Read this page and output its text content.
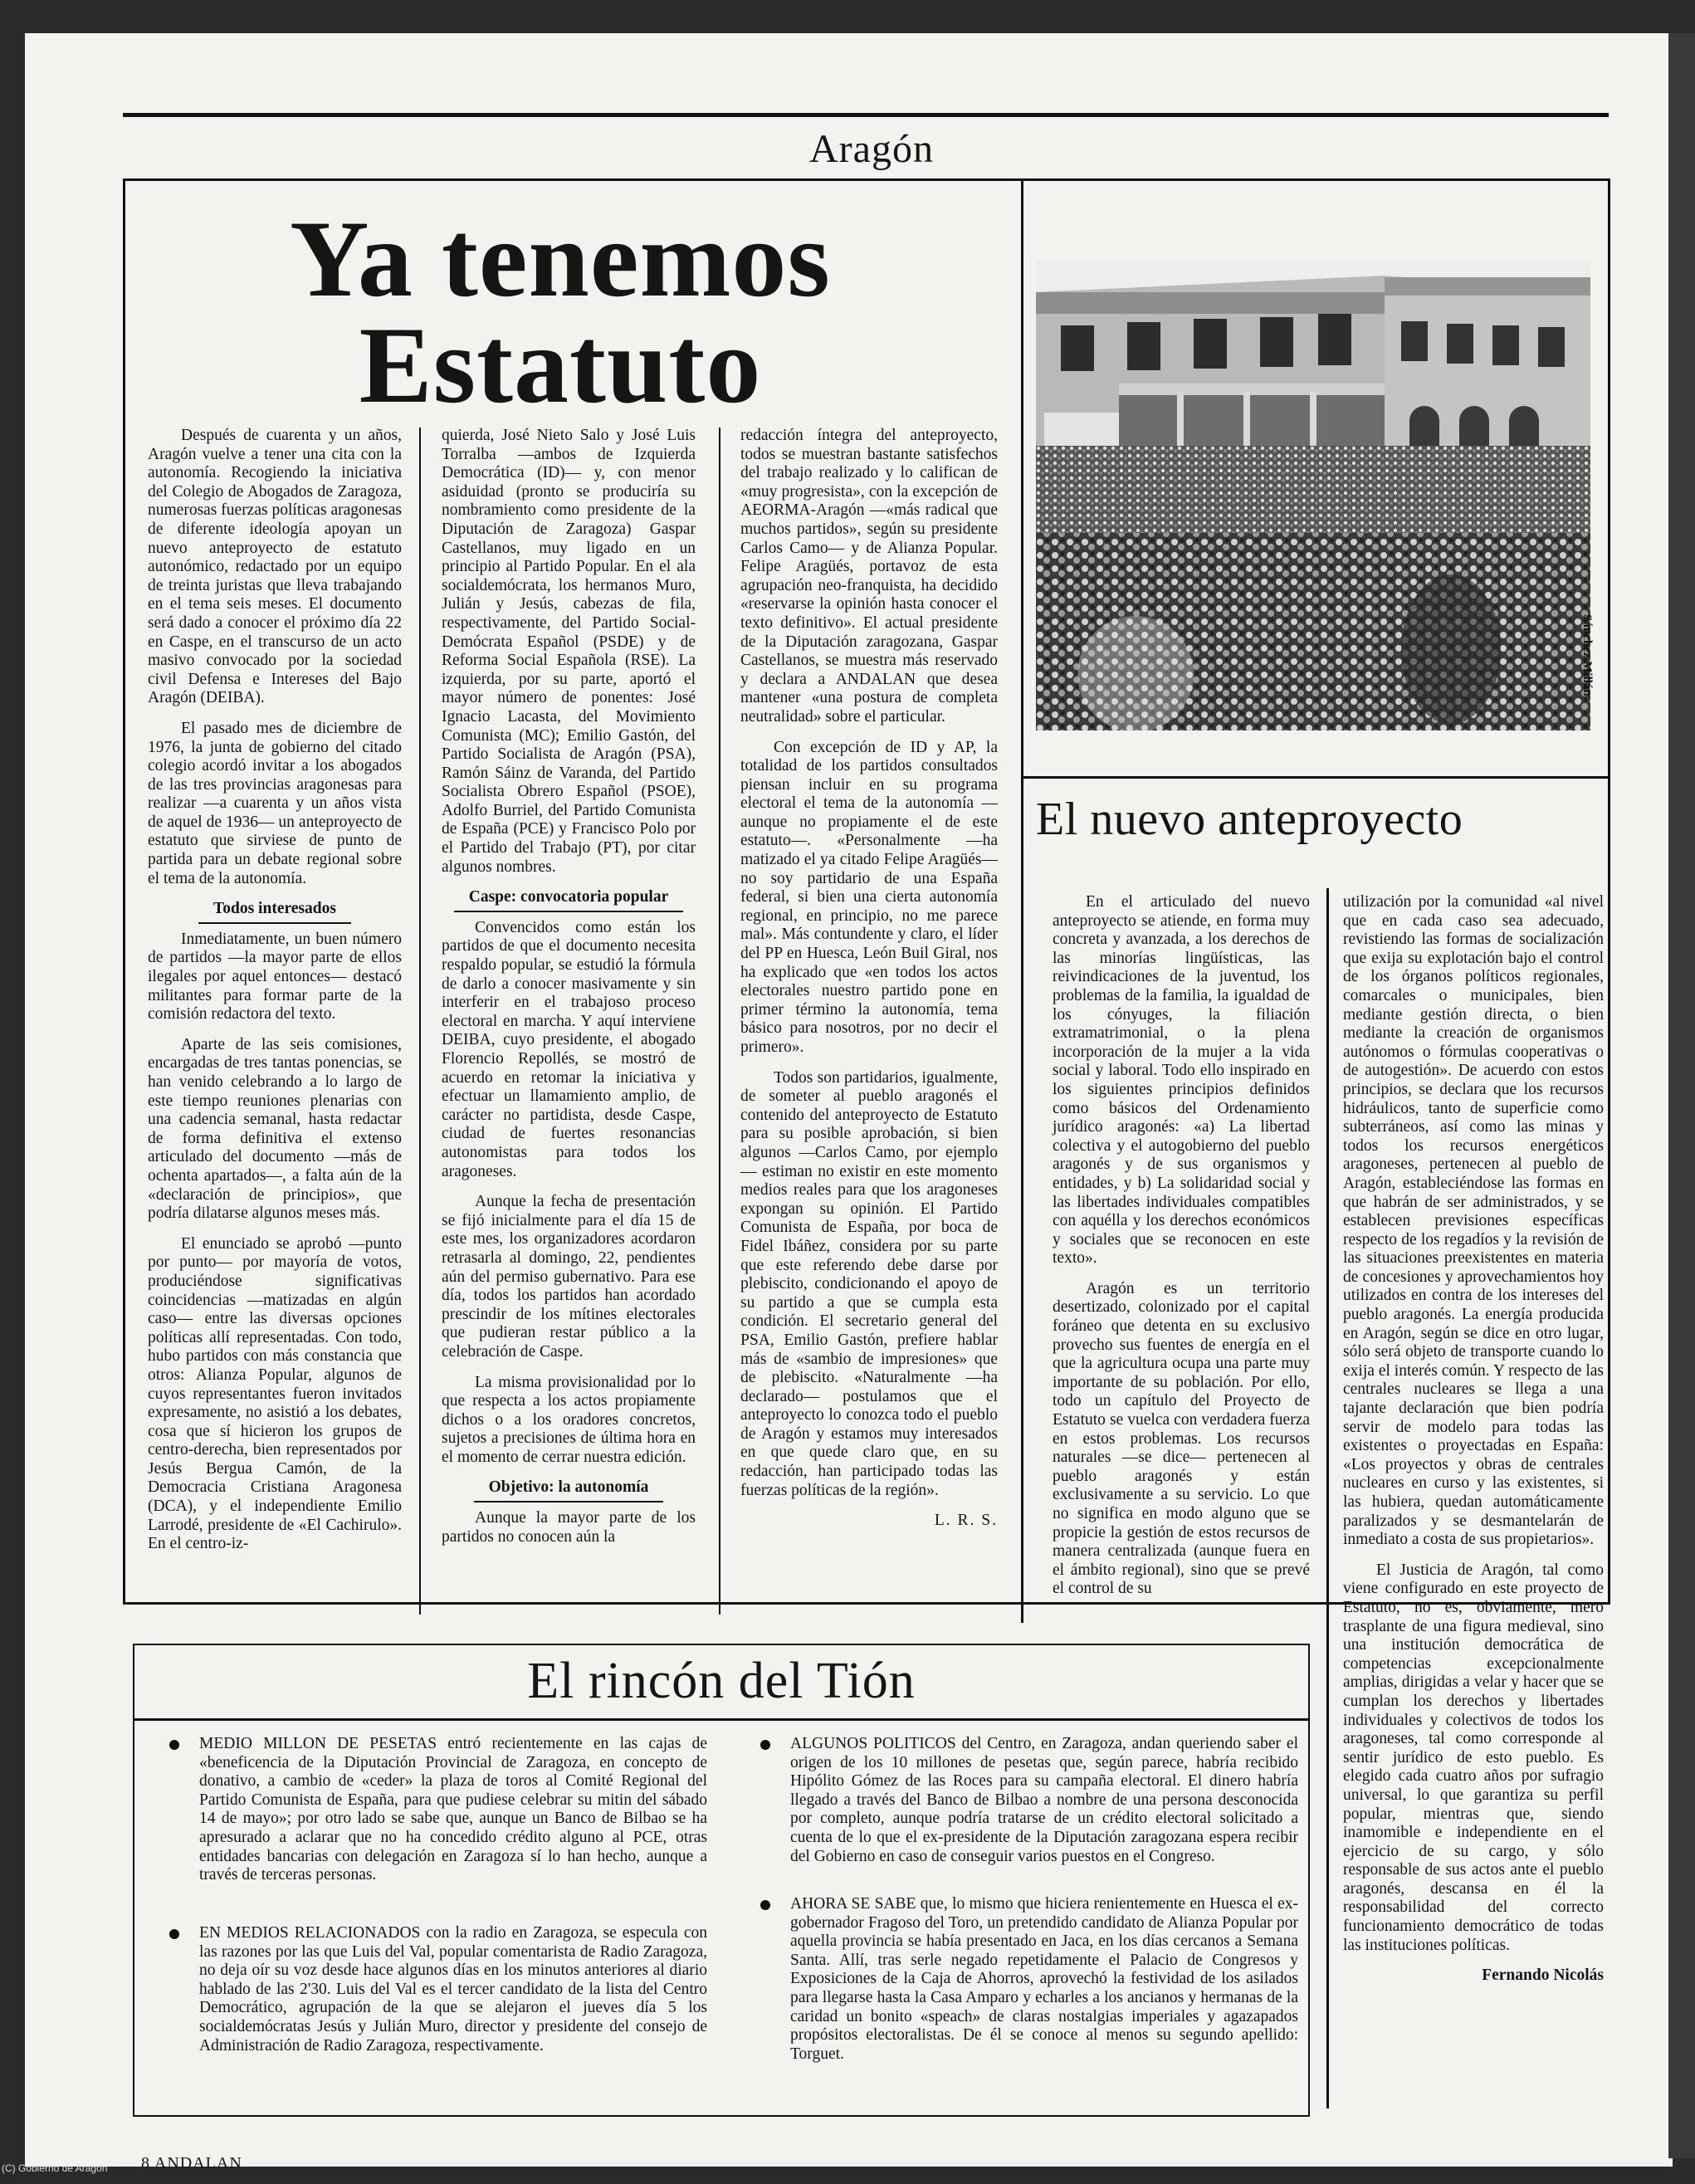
Aragón
Ya tenemos
Estatuto

Después de cuarenta y un años, Aragón vuelve a tener una cita con la autonomía. Recogiendo la iniciativa del Colegio de Abogados de Zaragoza, numerosas fuerzas políticas aragonesas de diferente ideología apoyan un nuevo anteproyecto de estatuto autonómico, redactado por un equipo de treinta juristas que lleva trabajando en el tema seis meses. El documento será dado a conocer el próximo día 22 en Caspe, en el transcurso de un acto masivo convocado por la sociedad civil Defensa e Intereses del Bajo Aragón (DEIBA).

El pasado mes de diciembre de 1976, la junta de gobierno del citado colegio acordó invitar a los abogados de las tres provincias aragonesas para realizar —a cuarenta y un años vista de aquel de 1936— un anteproyecto de estatuto que sirviese de punto de partida para un debate regional sobre el tema de la autonomía.

Todos interesados

Inmediatamente, un buen número de partidos —la mayor parte de ellos ilegales por aquel entonces— destacó militantes para formar parte de la comisión redactora del texto.

Aparte de las seis comisiones, encargadas de tres tantas ponencias, se han venido celebrando a lo largo de este tiempo reuniones plenarias con una cadencia semanal, hasta redactar de forma definitiva el extenso articulado del documento —más de ochenta apartados—, a falta aún de la «declaración de principios», que podría dilatarse algunos meses más.

El enunciado se aprobó —punto por punto— por mayoría de votos, produciéndose significativas coincidencias —matizadas en algún caso— entre las diversas opciones políticas allí representadas. Con todo, hubo partidos con más constancia que otros: Alianza Popular, algunos de cuyos representantes fueron invitados expresamente, no asistió a los debates, cosa que sí hicieron los grupos de centro-derecha, bien representados por Jesús Bergua Camón, de la Democracia Cristiana Aragonesa (DCA), y el independiente Emilio Larrodé, presidente de «El Cachirulo». En el centro-iz-

quierda, José Nieto Salo y José Luis Torralba —ambos de Izquierda Democrática (ID)— y, con menor asiduidad (pronto se produciría su nombramiento como presidente de la Diputación de Zaragoza) Gaspar Castellanos, muy ligado en un principio al Partido Popular. En el ala socialdemócrata, los hermanos Muro, Julián y Jesús, cabezas de fila, respectivamente, del Partido Social-Demócrata Español (PSDE) y de Reforma Social Española (RSE). La izquierda, por su parte, aportó el mayor número de ponentes: José Ignacio Lacasta, del Movimiento Comunista (MC); Emilio Gastón, del Partido Socialista de Aragón (PSA), Ramón Sáinz de Varanda, del Partido Socialista Obrero Español (PSOE), Adolfo Burriel, del Partido Comunista de España (PCE) y Francisco Polo por el Partido del Trabajo (PT), por citar algunos nombres.

Caspe: convocatoria popular

Convencidos como están los partidos de que el documento necesita respaldo popular, se estudió la fórmula de darlo a conocer masivamente y sin interferir en el trabajoso proceso electoral en marcha. Y aquí interviene DEIBA, cuyo presidente, el abogado Florencio Repollés, se mostró de acuerdo en retomar la iniciativa y efectuar un llamamiento amplio, de carácter no partidista, desde Caspe, ciudad de fuertes resonancias autonomistas para todos los aragoneses.

Aunque la fecha de presentación se fijó inicialmente para el día 15 de este mes, los organizadores acordaron retrasarla al domingo, 22, pendientes aún del permiso gubernativo. Para ese día, todos los partidos han acordado prescindir de los mítines electorales que pudieran restar público a la celebración de Caspe.

La misma provisionalidad por lo que respecta a los actos propiamente dichos o a los oradores concretos, sujetos a precisiones de última hora en el momento de cerrar nuestra edición.

Objetivo: la autonomía

Aunque la mayor parte de los partidos no conocen aún la

redacción íntegra del anteproyecto, todos se muestran bastante satisfechos del trabajo realizado y lo califican de «muy progresista», con la excepción de AEORMA-Aragón —«más radical que muchos partidos», según su presidente Carlos Camo— y de Alianza Popular. Felipe Aragüés, portavoz de esta agrupación neo-franquista, ha decidido «reservarse la opinión hasta conocer el texto definitivo». El actual presidente de la Diputación zaragozana, Gaspar Castellanos, se muestra más reservado y declara a ANDALAN que desea mantener «una postura de completa neutralidad» sobre el particular.

Con excepción de ID y AP, la totalidad de los partidos consultados piensan incluir en su programa electoral el tema de la autonomía —aunque no propiamente el de este estatuto—. «Personalmente —ha matizado el ya citado Felipe Aragüés— no soy partidario de una España federal, si bien una cierta autonomía regional, en principio, no me parece mal». Más contundente y claro, el líder del PP en Huesca, León Buil Giral, nos ha explicado que «en todos los actos electorales nuestro partido pone en primer término la autonomía, tema básico para nosotros, por no decir el primero».

Todos son partidarios, igualmente, de someter al pueblo aragonés el contenido del anteproyecto de Estatuto para su posible aprobación, si bien algunos —Carlos Camo, por ejemplo— estiman no existir en este momento medios reales para que los aragoneses expongan su opinión. El Partido Comunista de España, por boca de Fidel Ibáñez, considera por su parte que este referendo debe darse por plebiscito, condicionando el apoyo de su partido a que se cumpla esta condición. El secretario general del PSA, Emilio Gastón, prefiere hablar más de «sambio de impresiones» que de plebiscito. «Naturalmente —ha declarado— postulamos que el anteproyecto lo conozca todo el pueblo de Aragón y estamos muy interesados en que quede claro que, en su redacción, han participado todas las fuerzas políticas de la región».

L. R. S.
Sánchez Millán
El nuevo anteproyecto

En el articulado del nuevo anteproyecto se atiende, en forma muy concreta y avanzada, a los derechos de las minorías lingüísticas, las reivindicaciones de la juventud, los problemas de la familia, la igualdad de los cónyuges, la filiación extramatrimonial, o la plena incorporación de la mujer a la vida social y laboral. Todo ello inspirado en los siguientes principios definidos como básicos del Ordenamiento jurídico aragonés: «a) La libertad colectiva y el autogobierno del pueblo aragonés y de sus organismos y entidades, y b) La solidaridad social y las libertades individuales compatibles con aquélla y los derechos económicos y sociales que se reconocen en este texto».

Aragón es un territorio desertizado, colonizado por el capital foráneo que detenta en su exclusivo provecho sus fuentes de energía en el que la agricultura ocupa una parte muy importante de su población. Por ello, todo un capítulo del Proyecto de Estatuto se vuelca con verdadera fuerza en estos problemas. Los recursos naturales —se dice— pertenecen al pueblo aragonés y están exclusivamente a su servicio. Lo que no significa en modo alguno que se propicie la gestión de estos recursos de manera centralizada (aunque fuera en el ámbito regional), sino que se prevé el control de su

utilización por la comunidad «al nivel que en cada caso sea adecuado, revistiendo las formas de socialización que exija su explotación bajo el control de los órganos políticos regionales, comarcales o municipales, bien mediante gestión directa, o bien mediante la creación de organismos autónomos o fórmulas cooperativas o de autogestión». De acuerdo con estos principios, se declara que los recursos hidráulicos, tanto de superficie como subterráneos, así como las minas y todos los recursos energéticos aragoneses, pertenecen al pueblo de Aragón, estableciéndose las formas en que habrán de ser administrados, y se establecen previsiones específicas respecto de los regadíos y la revisión de las situaciones preexistentes en materia de concesiones y aprovechamientos hoy utilizados en contra de los intereses del pueblo aragonés. La energía producida en Aragón, según se dice en otro lugar, sólo será objeto de transporte cuando lo exija el interés común. Y respecto de las centrales nucleares se llega a una tajante declaración que bien podría servir de modelo para todas las existentes o proyectadas en España: «Los proyectos y obras de centrales nucleares en curso y las existentes, si las hubiera, quedan automáticamente paralizados y se desmantelarán de inmediato a costa de sus propietarios».

El Justicia de Aragón, tal como viene configurado en este proyecto de Estatuto, no es, obviamente, mero trasplante de una figura medieval, sino una institución democrática de competencias excepcionalmente amplias, dirigidas a velar y hacer que se cumplan los derechos y libertades individuales y colectivos de todos los aragoneses, tal como corresponde al sentir jurídico de esto pueblo. Es elegido cada cuatro años por sufragio universal, lo que garantiza su perfil popular, mientras que, siendo inamomible e independiente en el ejercicio de su cargo, y sólo responsable de sus actos ante el pueblo aragonés, descansa en él la responsabilidad del correcto funcionamiento democrático de todas las instituciones políticas.

Fernando Nicolás
El rincón del Tión
MEDIO MILLON DE PESETAS entró recientemente en las cajas de «beneficencia de la Diputación Provincial de Zaragoza, en concepto de donativo, a cambio de «ceder» la plaza de toros al Comité Regional del Partido Comunista de España, para que pudiese celebrar su mitin del sábado 14 de mayo»; por otro lado se sabe que, aunque un Banco de Bilbao se ha apresurado a aclarar que no ha concedido crédito alguno al PCE, otras entidades bancarias con delegación en Zaragoza sí lo han hecho, aunque a través de terceras personas.
EN MEDIOS RELACIONADOS con la radio en Zaragoza, se especula con las razones por las que Luis del Val, popular comentarista de Radio Zaragoza, no deja oír su voz desde hace algunos días en los minutos anteriores al diario hablado de las 2'30. Luis del Val es el tercer candidato de la lista del Centro Democrático, agrupación de la que se alejaron el jueves día 5 los socialdemócratas Jesús y Julián Muro, director y presidente del consejo de Administración de Radio Zaragoza, respectivamente.
ALGUNOS POLITICOS del Centro, en Zaragoza, andan queriendo saber el origen de los 10 millones de pesetas que, según parece, habría recibido Hipólito Gómez de las Roces para su campaña electoral. El dinero habría llegado a través del Banco de Bilbao a nombre de una persona desconocida por completo, aunque podría tratarse de un crédito electoral solicitado a cuenta de lo que el ex-presidente de la Diputación zaragozana espera recibir del Gobierno en caso de conseguir varios puestos en el Congreso.
AHORA SE SABE que, lo mismo que hiciera renientemente en Huesca el ex-gobernador Fragoso del Toro, un pretendido candidato de Alianza Popular por aquella provincia se había presentado en Jaca, en los días cercanos a Semana Santa. Allí, tras serle negado repetidamente el Palacio de Congresos y Exposiciones de la Caja de Ahorros, aprovechó la festividad de los asilados para llegarse hasta la Casa Amparo y echarles a los ancianos y hermanas de la caridad un bonito «speach» de claras nostalgias imperiales y agazapados propósitos electoralistas. De él se conoce al menos su segundo apellido: Torguet.
8 ANDALAN
(C) Gobierno de Aragón
